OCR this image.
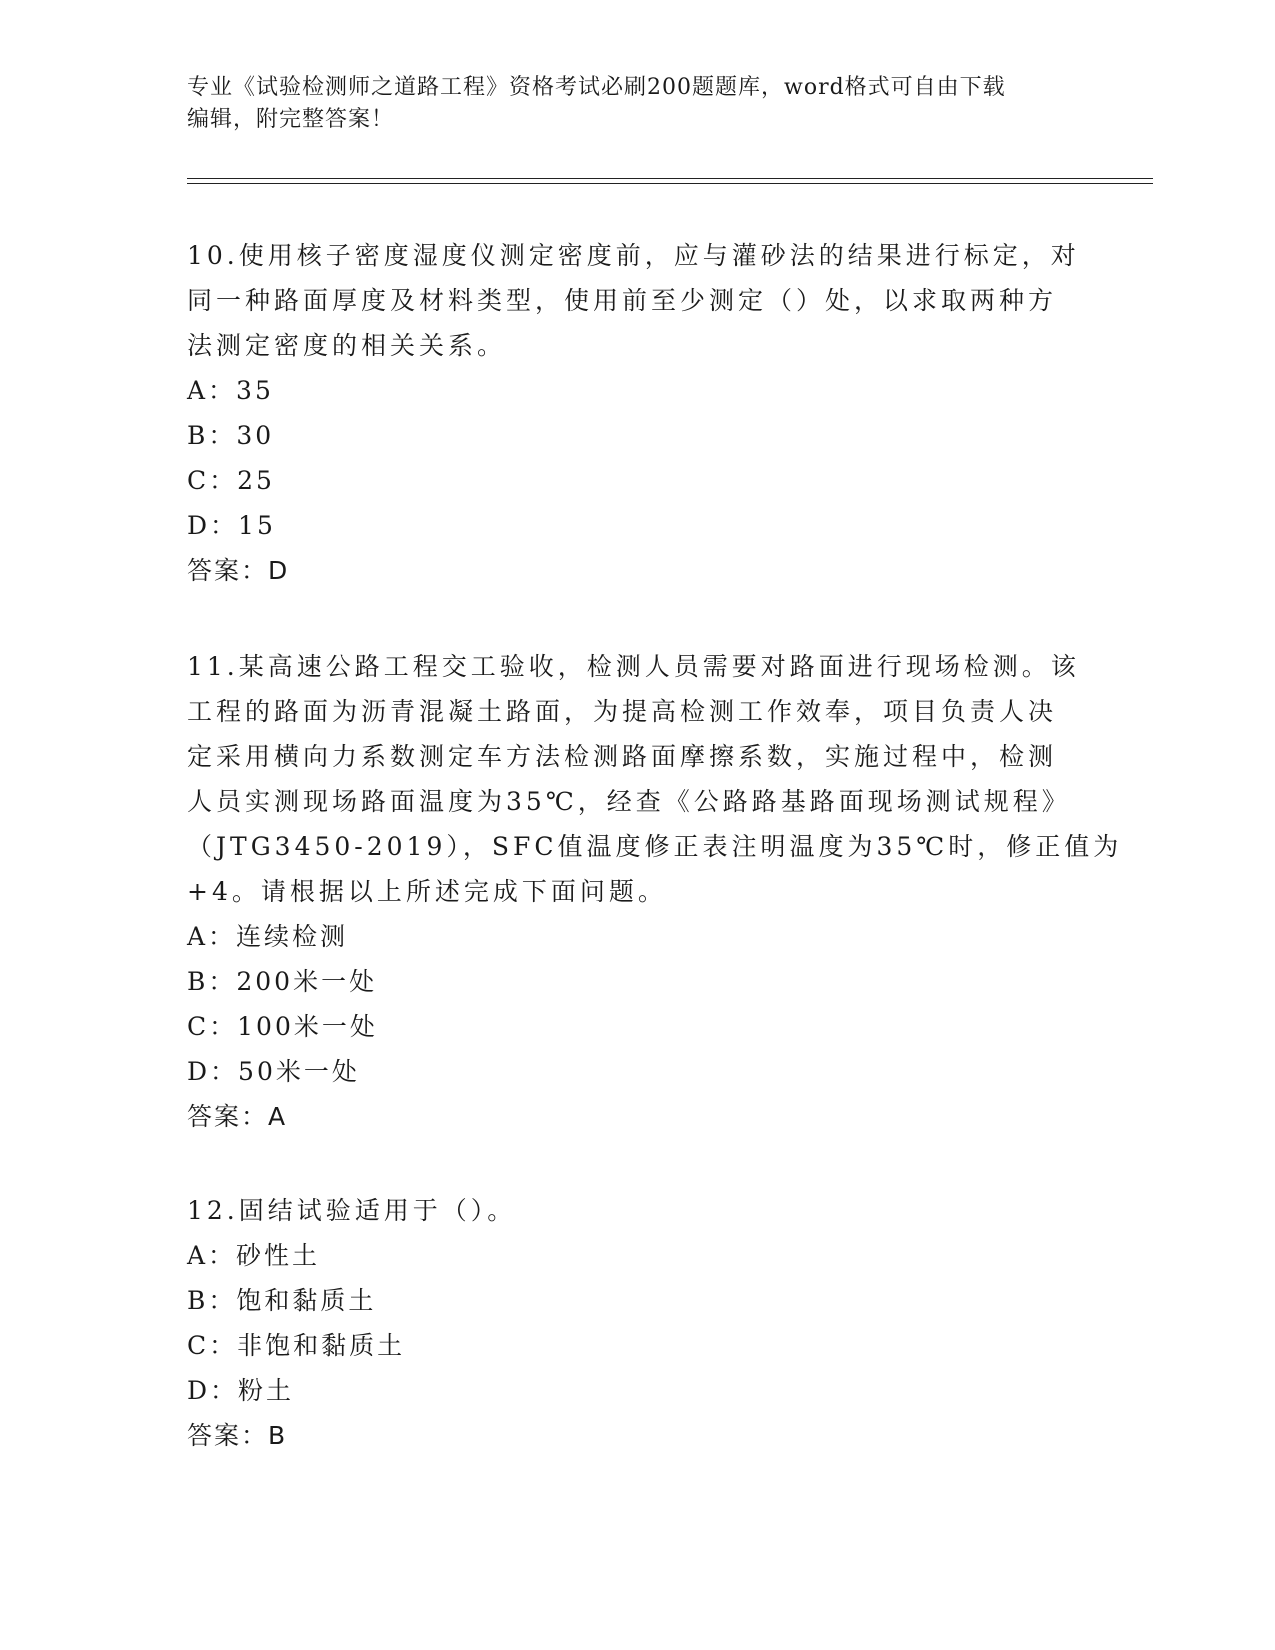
专业《试验检测师之道路工程》资格考试必刷200题题库，word格式可自由下载
编辑，附完整答案！
10.使用核子密度湿度仪测定密度前，应与灌砂法的结果进行标定，对
同一种路面厚度及材料类型，使用前至少测定（）处，以求取两种方
法测定密度的相关关系。
A：35
B：30
C：25
D：15
答案：D
11.某高速公路工程交工验收，检测人员需要对路面进行现场检测。该
工程的路面为沥青混凝土路面，为提高检测工作效奉，项目负责人决
定采用横向力系数测定车方法检测路面摩擦系数，实施过程中，检测
人员实测现场路面温度为35℃，经查《公路路基路面现场测试规程》
（JTG3450-2019），SFC值温度修正表注明温度为35℃时，修正值为
+4。请根据以上所述完成下面问题。
A：连续检测
B：200米一处
C：100米一处
D：50米一处
答案：A
12.固结试验适用于（）。
A：砂性土
B：饱和黏质土
C：非饱和黏质土
D：粉土
答案：B
